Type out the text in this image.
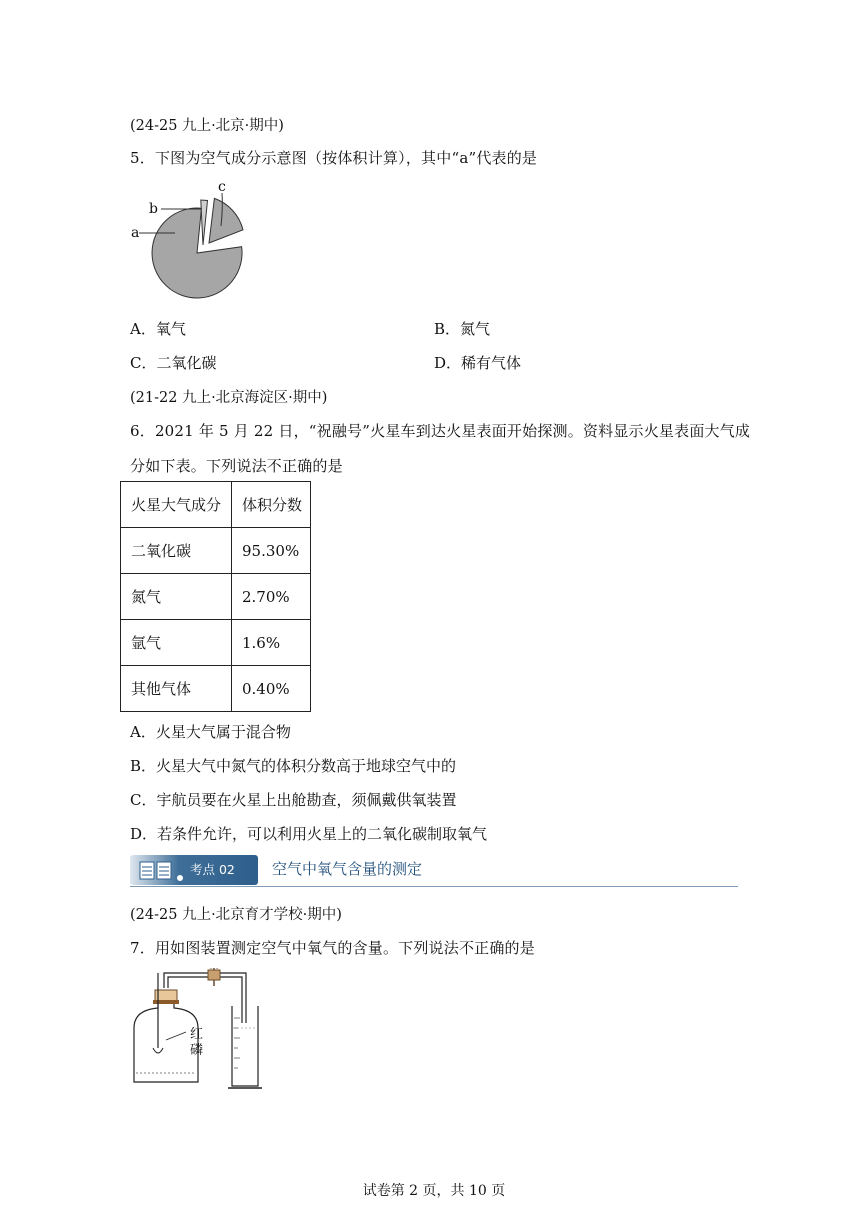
(24-25 九上·北京·期中)
5．下图为空气成分示意图（按体积计算），其中“a”代表的是
a
b
c
A．氧气	B．氮气
C．二氧化碳	D．稀有气体
(21-22 九上·北京海淀区·期中)
6．2021 年 5 月 22 日，“祝融号”火星车到达火星表面开始探测。资料显示火星表面大气成
分如下表。下列说法不正确的是
火星大气成分	体积分数
二氧化碳	95.30%
氮气	2.70%
氩气	1.6%
其他气体	0.40%
A．火星大气属于混合物
B．火星大气中氮气的体积分数高于地球空气中的
C．宇航员要在火星上出舱勘查，须佩戴供氧装置
D．若条件允许，可以利用火星上的二氧化碳制取氧气
考点 02 空气中氧气含量的测定
(24-25 九上·北京育才学校·期中)
7．用如图装置测定空气中氧气的含量。下列说法不正确的是
红
磷
试卷第 2 页，共 10 页
